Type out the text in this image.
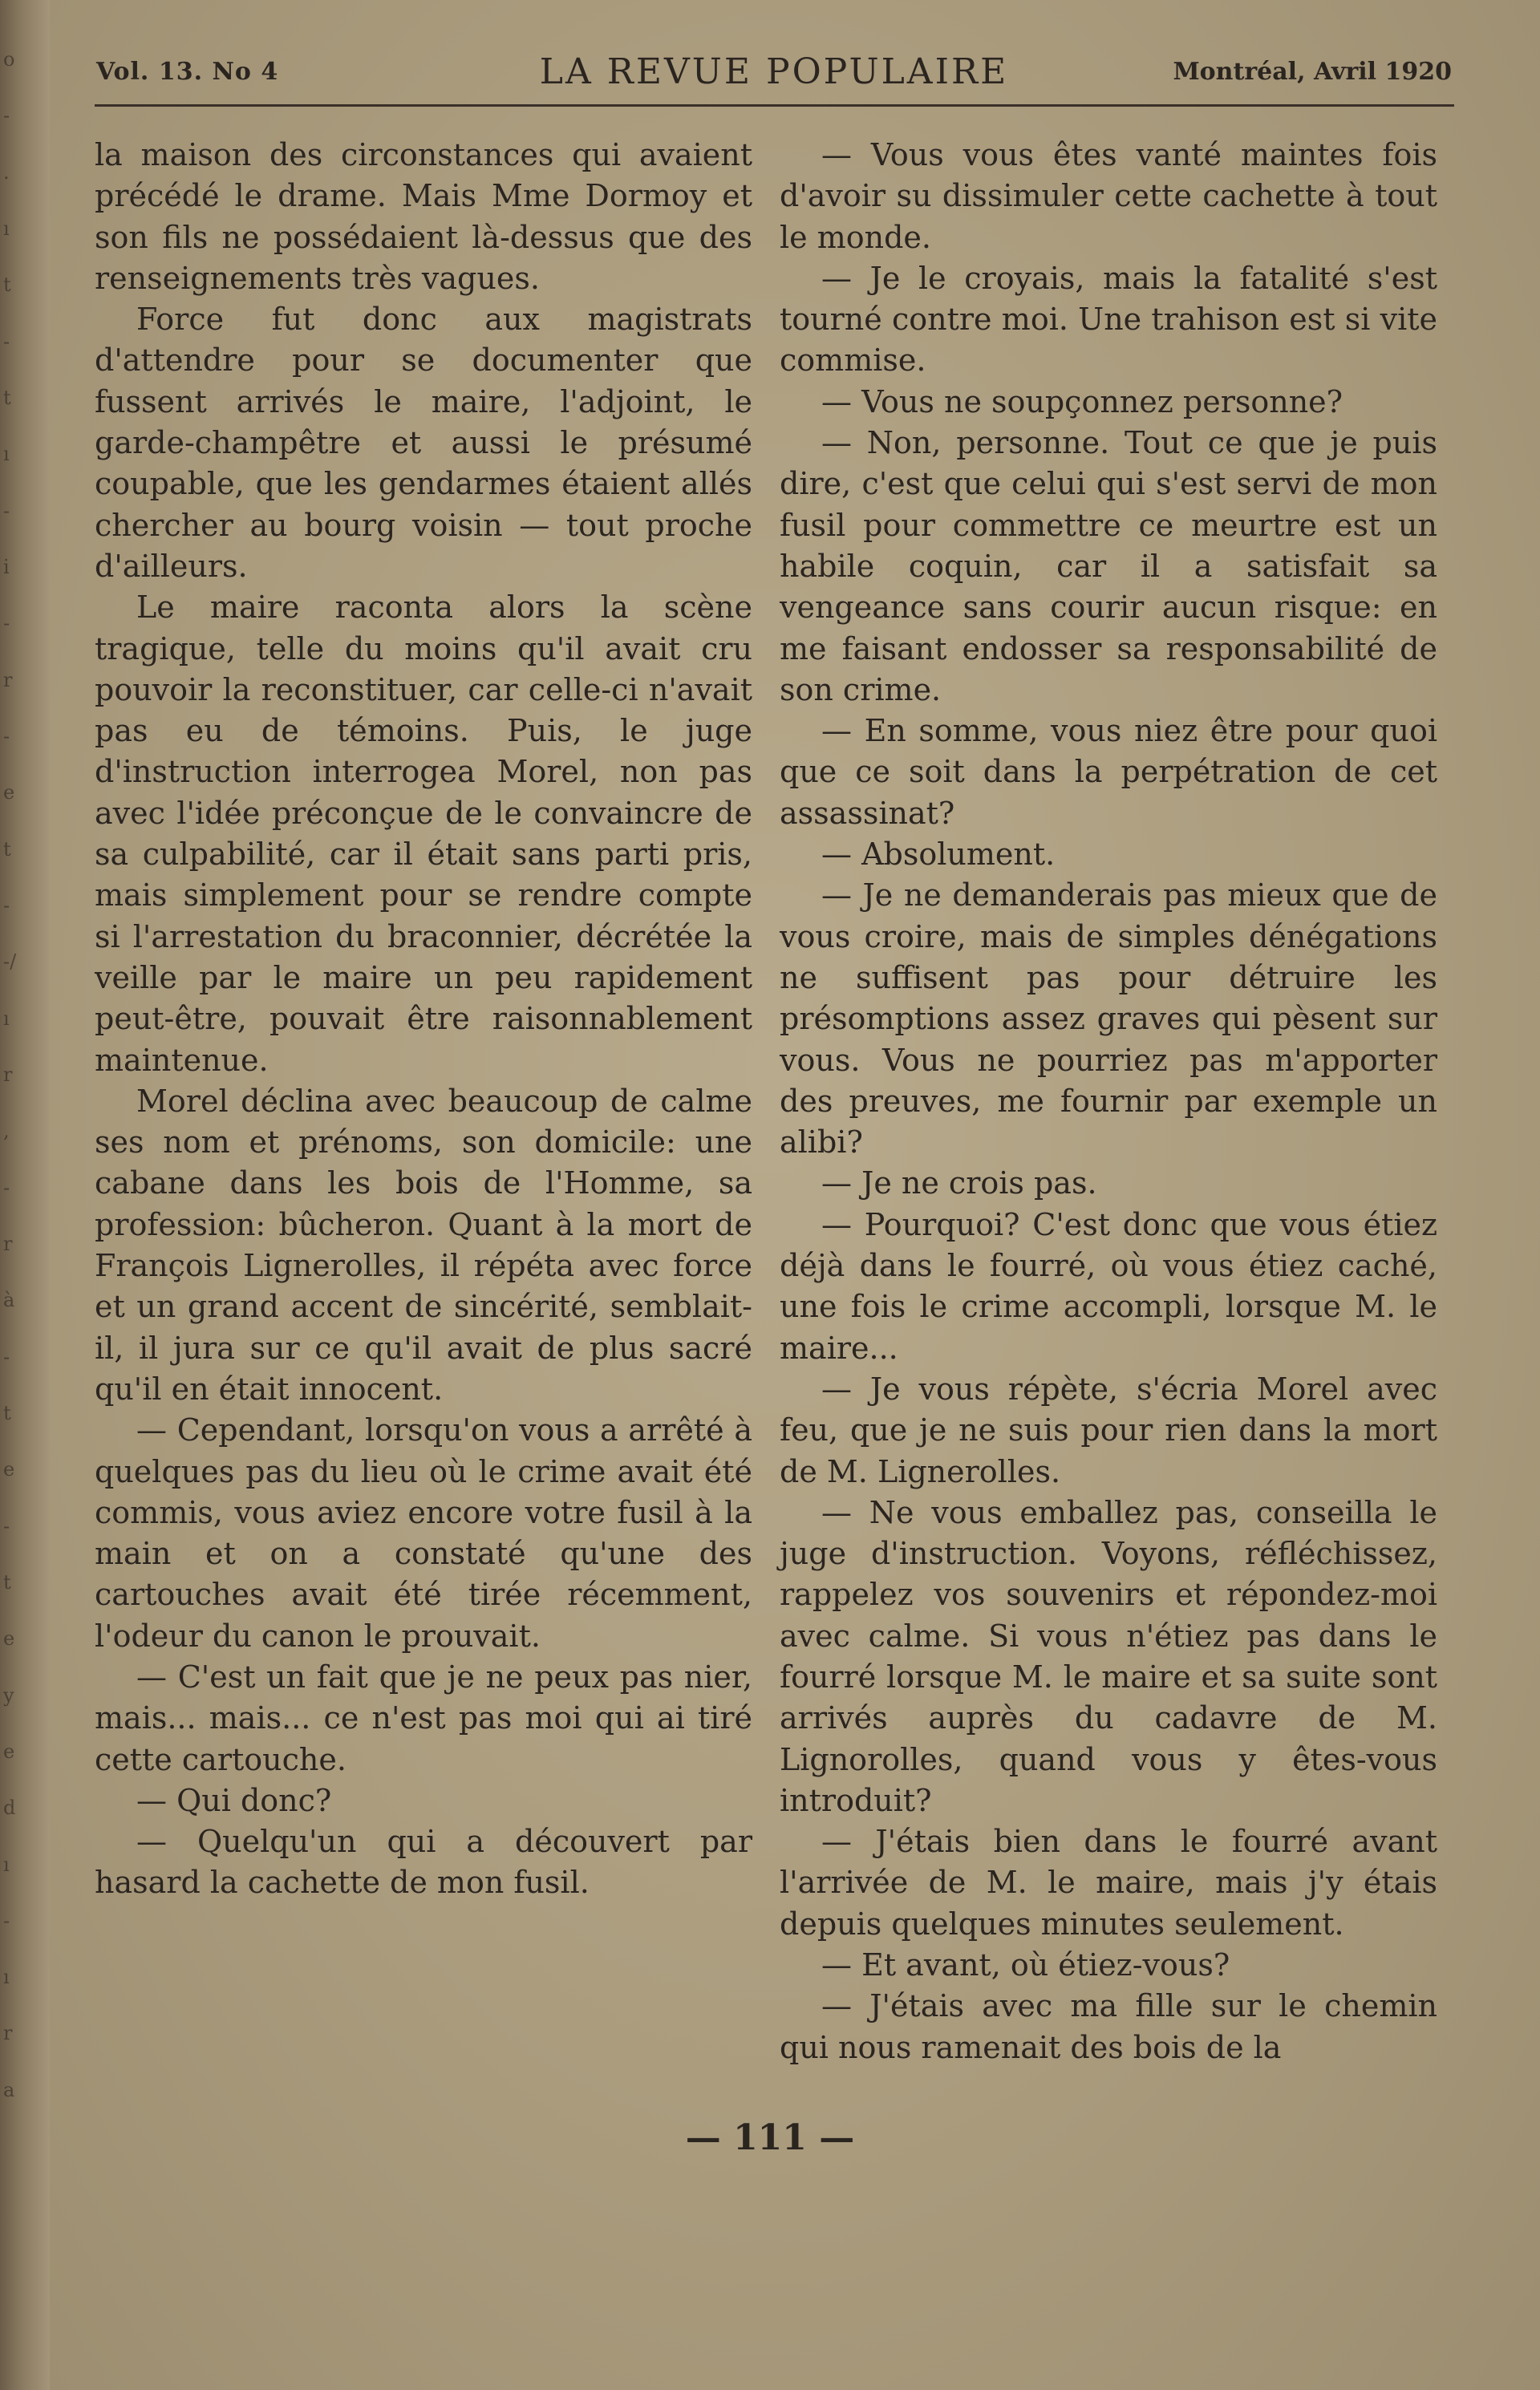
o
-
.
ı
t
-
t
ı
-
i
-
r
-
e
t
-
-/
ı
r
,
-
r
à
-
t
e
-
t
e
y
e
d
ı
-
ı
r
a
Vol. 13. No 4	LA REVUE POPULAIRE	Montréal, Avril 1920

la maison des circonstances qui avaient précédé le drame. Mais Mme Dormoy et son fils ne possédaient là-dessus que des renseignements très vagues.

Force fut donc aux magistrats d'attendre pour se documenter que fussent arrivés le maire, l'adjoint, le garde-champêtre et aussi le présumé coupable, que les gendarmes étaient allés chercher au bourg voisin — tout proche d'ailleurs.

Le maire raconta alors la scène tragique, telle du moins qu'il avait cru pouvoir la reconstituer, car celle-ci n'avait pas eu de témoins. Puis, le juge d'instruction interrogea Morel, non pas avec l'idée préconçue de le convaincre de sa culpabilité, car il était sans parti pris, mais simplement pour se rendre compte si l'arrestation du braconnier, décrétée la veille par le maire un peu rapidement peut-être, pouvait être raisonnablement maintenue.

Morel déclina avec beaucoup de calme ses nom et prénoms, son domicile: une cabane dans les bois de l'Homme, sa profession: bûcheron. Quant à la mort de François Lignerolles, il répéta avec force et un grand accent de sincérité, semblait-il, il jura sur ce qu'il avait de plus sacré qu'il en était innocent.

— Cependant, lorsqu'on vous a arrêté à quelques pas du lieu où le crime avait été commis, vous aviez encore votre fusil à la main et on a constaté qu'une des cartouches avait été tirée récemment, l'odeur du canon le prouvait.

— C'est un fait que je ne peux pas nier, mais... mais... ce n'est pas moi qui ai tiré cette cartouche.

— Qui donc?

— Quelqu'un qui a découvert par hasard la cachette de mon fusil.

— Vous vous êtes vanté maintes fois d'avoir su dissimuler cette cachette à tout le monde.

— Je le croyais, mais la fatalité s'est tourné contre moi. Une trahison est si vite commise.

— Vous ne soupçonnez personne?

— Non, personne. Tout ce que je puis dire, c'est que celui qui s'est servi de mon fusil pour commettre ce meurtre est un habile coquin, car il a satisfait sa vengeance sans courir aucun risque: en me faisant endosser sa responsabilité de son crime.

— En somme, vous niez être pour quoi que ce soit dans la perpétration de cet assassinat?

— Absolument.

— Je ne demanderais pas mieux que de vous croire, mais de simples dénégations ne suffisent pas pour détruire les présomptions assez graves qui pèsent sur vous. Vous ne pourriez pas m'apporter des preuves, me fournir par exemple un alibi?

— Je ne crois pas.

— Pourquoi? C'est donc que vous étiez déjà dans le fourré, où vous étiez caché, une fois le crime accompli, lorsque M. le maire...

— Je vous répète, s'écria Morel avec feu, que je ne suis pour rien dans la mort de M. Lignerolles.

— Ne vous emballez pas, conseilla le juge d'instruction. Voyons, réfléchissez, rappelez vos souvenirs et répondez-moi avec calme. Si vous n'étiez pas dans le fourré lorsque M. le maire et sa suite sont arrivés auprès du cadavre de M. Lignorolles, quand vous y êtes-vous introduit?

— J'étais bien dans le fourré avant l'arrivée de M. le maire, mais j'y étais depuis quelques minutes seulement.

— Et avant, où étiez-vous?

— J'étais avec ma fille sur le chemin qui nous ramenait des bois de la

— 111 —
